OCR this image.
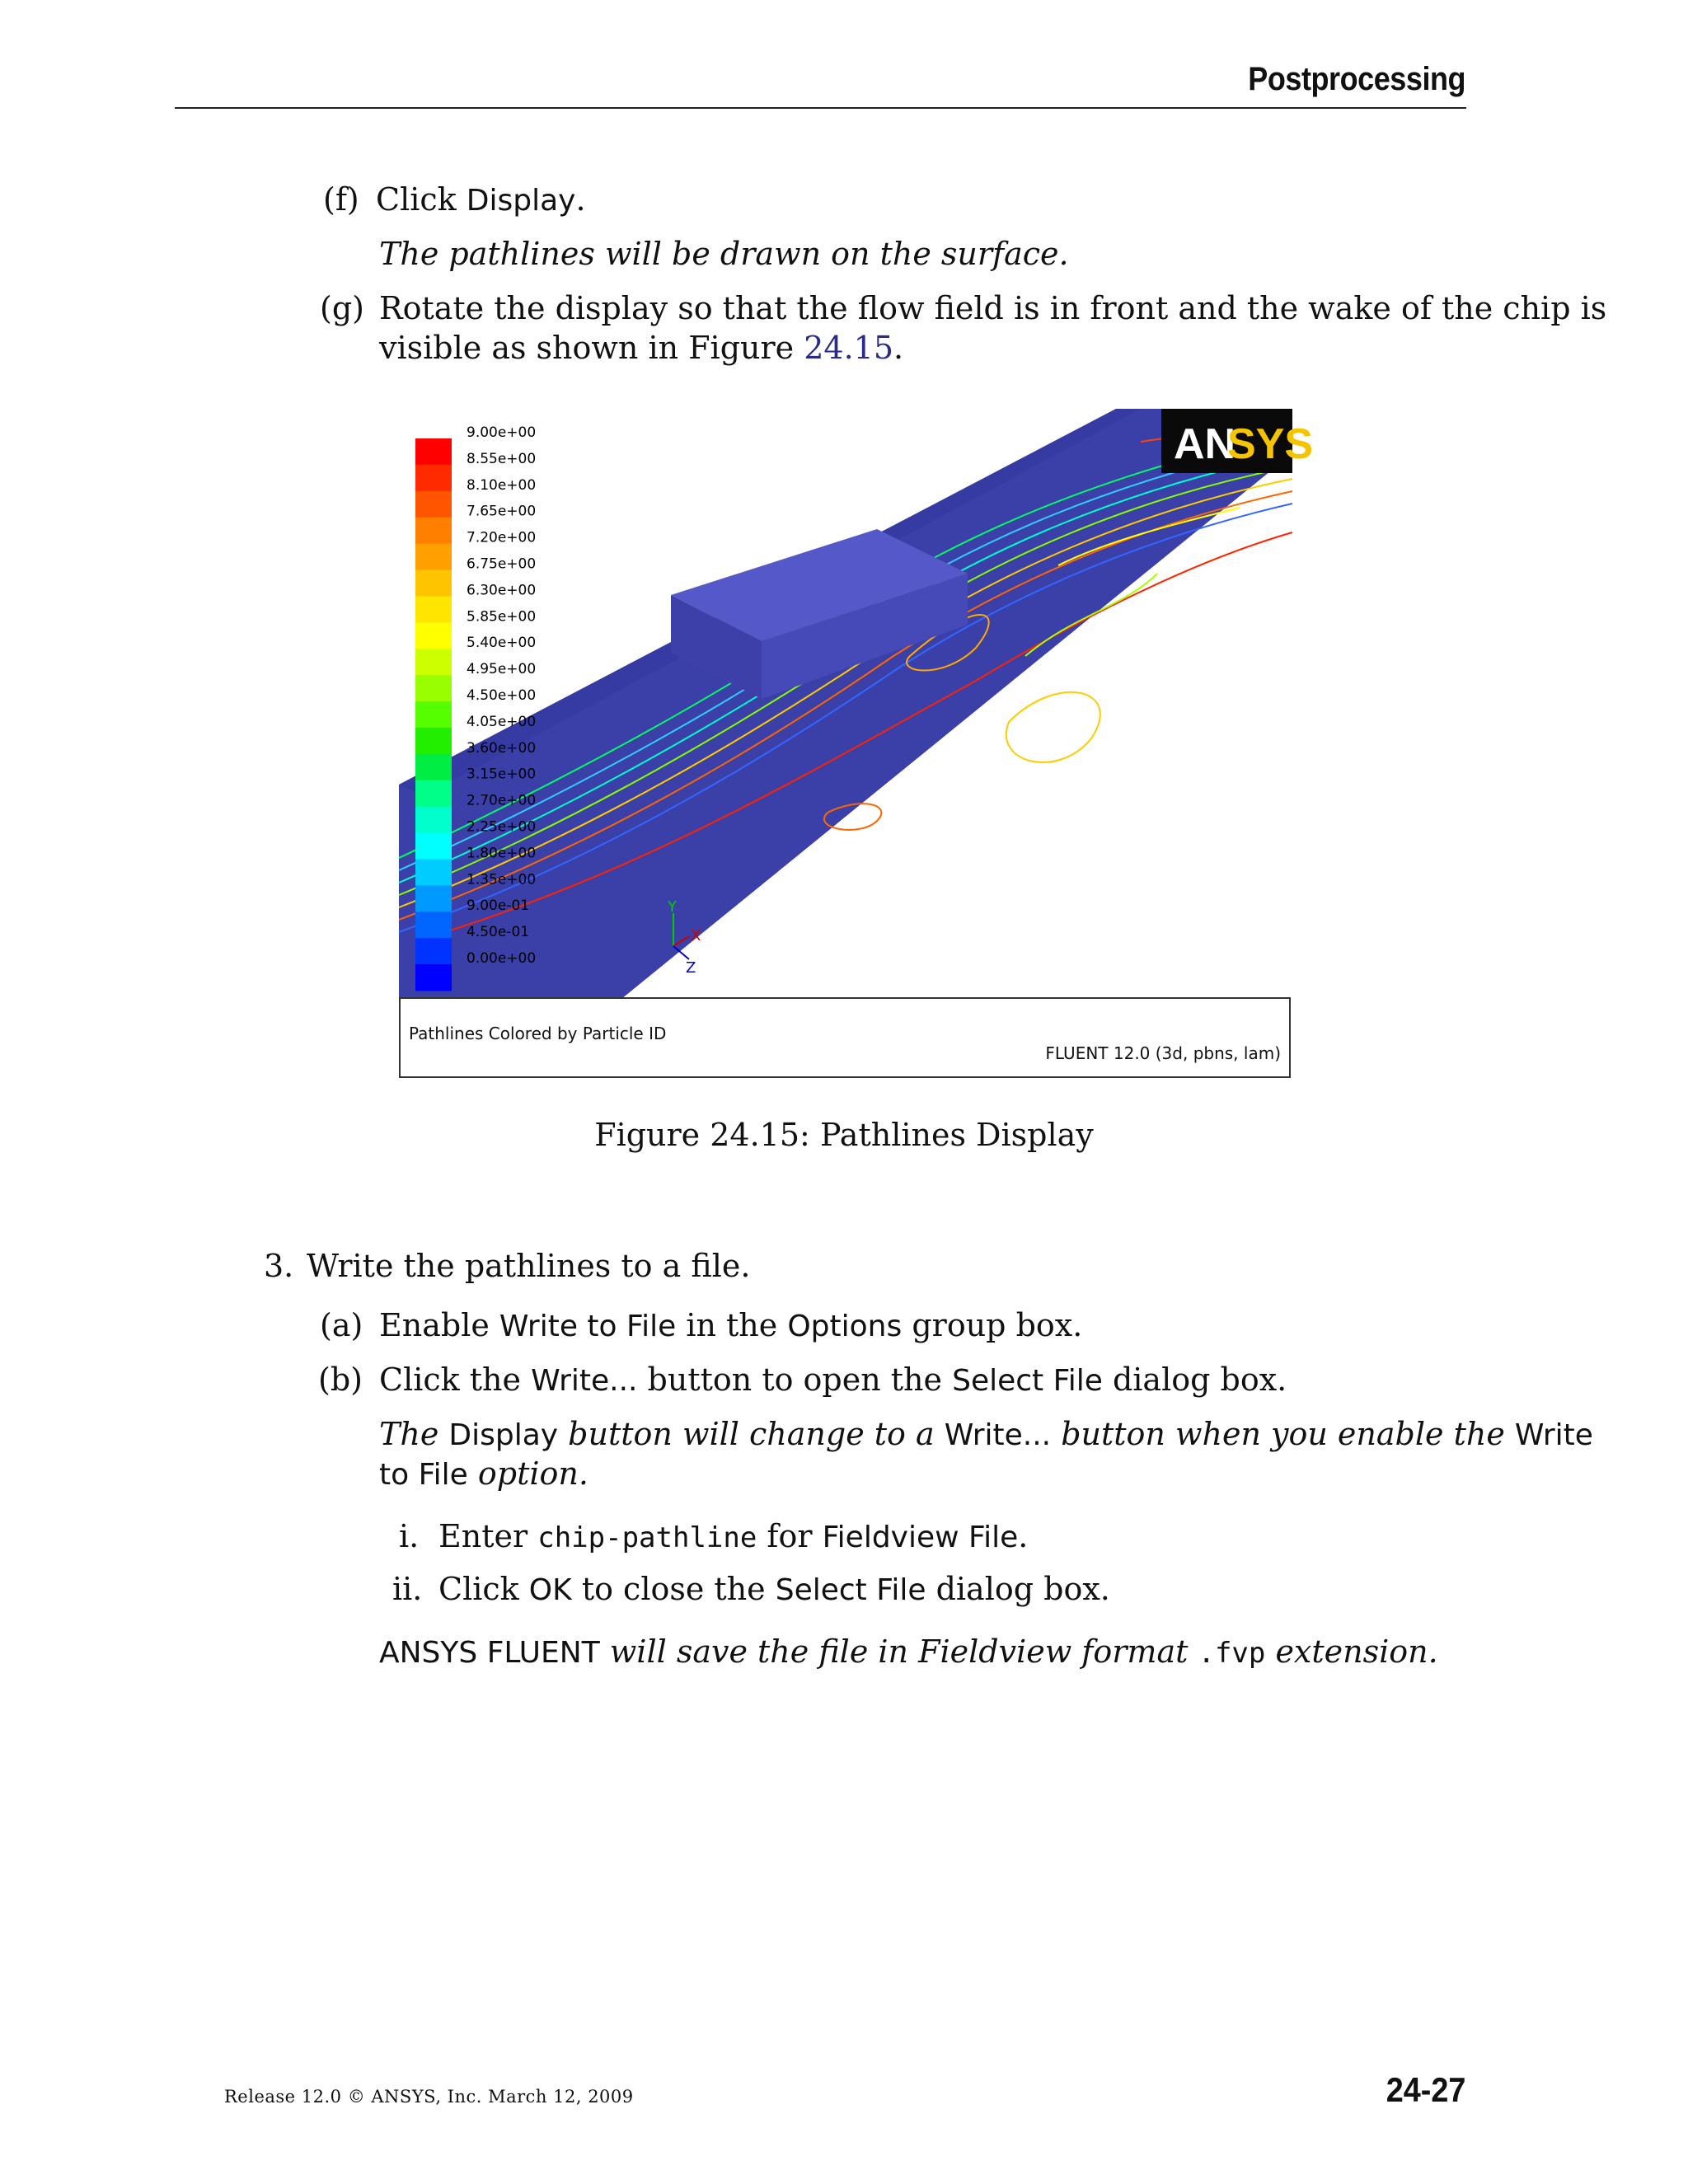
Postprocessing
(f) Click Display.
The pathlines will be drawn on the surface.
(g) Rotate the display so that the flow field is in front and the wake of the chip is
visible as shown in Figure 24.15.
9.00e+00
8.55e+00
8.10e+00
7.65e+00
7.20e+00
6.75e+00
6.30e+00
5.85e+00
5.40e+00
4.95e+00
4.50e+00
4.05e+00
3.60e+00
3.15e+00
2.70e+00
2.25e+00
1.80e+00
1.35e+00
9.00e-01
4.50e-01
0.00e+00
AN
SYS
Y
X
Z
Pathlines Colored by Particle ID
FLUENT 12.0 (3d, pbns, lam)
Figure 24.15: Pathlines Display
3. Write the pathlines to a file.
(a) Enable Write to File in the Options group box.
(b) Click the Write... button to open the Select File dialog box.
The Display button will change to a Write... button when you enable the Write
to File option.
i. Enter chip-pathline for Fieldview File.
ii. Click OK to close the Select File dialog box.
ANSYS FLUENT will save the file in Fieldview format .fvp extension.
Release 12.0 © ANSYS, Inc. March 12, 2009	24-27
